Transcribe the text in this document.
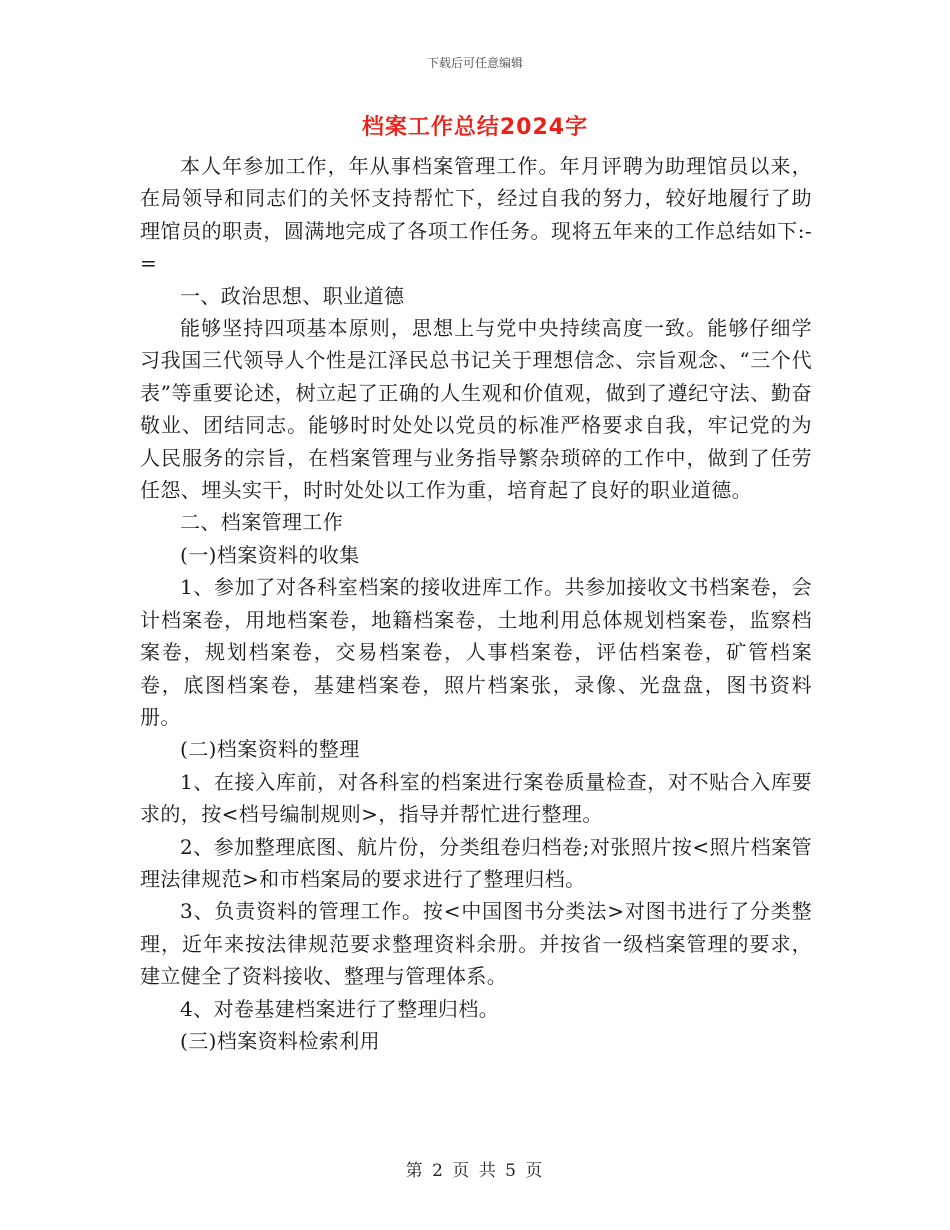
下载后可任意编辑
档案工作总结2024字

本人年参加工作，年从事档案管理工作。年月评聘为助理馆员以来，在局领导和同志们的关怀支持帮忙下，经过自我的努力，较好地履行了助理馆员的职责，圆满地完成了各项工作任务。现将五年来的工作总结如下:-=

一、政治思想、职业道德

能够坚持四项基本原则，思想上与党中央持续高度一致。能够仔细学习我国三代领导人个性是江泽民总书记关于理想信念、宗旨观念、“三个代表”等重要论述，树立起了正确的人生观和价值观，做到了遵纪守法、勤奋敬业、团结同志。能够时时处处以党员的标准严格要求自我，牢记党的为人民服务的宗旨，在档案管理与业务指导繁杂琐碎的工作中，做到了任劳任怨、埋头实干，时时处处以工作为重，培育起了良好的职业道德。

二、档案管理工作

(一)档案资料的收集

1、参加了对各科室档案的接收进库工作。共参加接收文书档案卷，会计档案卷，用地档案卷，地籍档案卷，土地利用总体规划档案卷，监察档案卷，规划档案卷，交易档案卷，人事档案卷，评估档案卷，矿管档案卷，底图档案卷，基建档案卷，照片档案张，录像、光盘盘，图书资料册。

(二)档案资料的整理

1、在接入库前，对各科室的档案进行案卷质量检查，对不贴合入库要求的，按<档号编制规则>，指导并帮忙进行整理。

2、参加整理底图、航片份，分类组卷归档卷;对张照片按<照片档案管理法律规范>和市档案局的要求进行了整理归档。

3、负责资料的管理工作。按<中国图书分类法>对图书进行了分类整理，近年来按法律规范要求整理资料余册。并按省一级档案管理的要求，建立健全了资料接收、整理与管理体系。

4、对卷基建档案进行了整理归档。

(三)档案资料检索利用

第 2 页 共 5 页
